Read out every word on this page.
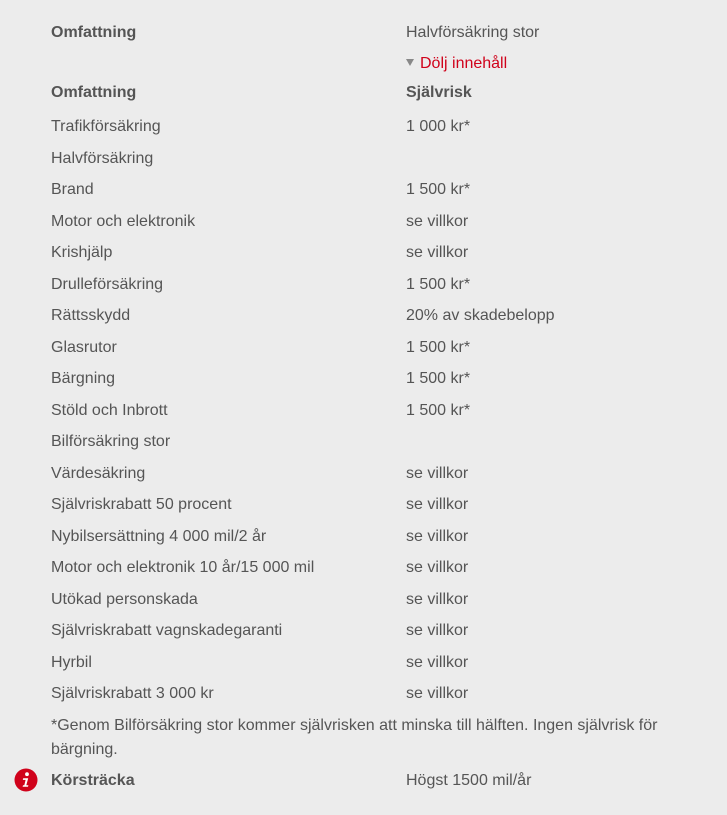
Omfattning	Halvförsäkring stor
Dölj innehåll
Omfattning	Självrisk
Trafikförsäkring	1 000 kr*
Halvförsäkring
Brand	1 500 kr*
Motor och elektronik	se villkor
Krishjälp	se villkor
Drulleförsäkring	1 500 kr*
Rättsskydd	20% av skadebelopp
Glasrutor	1 500 kr*
Bärgning	1 500 kr*
Stöld och Inbrott	1 500 kr*
Bilförsäkring stor
Värdesäkring	se villkor
Självriskrabatt 50 procent	se villkor
Nybilsersättning 4 000 mil/2 år	se villkor
Motor och elektronik 10 år/15 000 mil	se villkor
Utökad personskada	se villkor
Självriskrabatt vagnskadegaranti	se villkor
Hyrbil	se villkor
Självriskrabatt 3 000 kr	se villkor
*Genom Bilförsäkring stor kommer självrisken att minska till hälften. Ingen självrisk för bärgning.
Körsträcka	Högst 1500 mil/år
